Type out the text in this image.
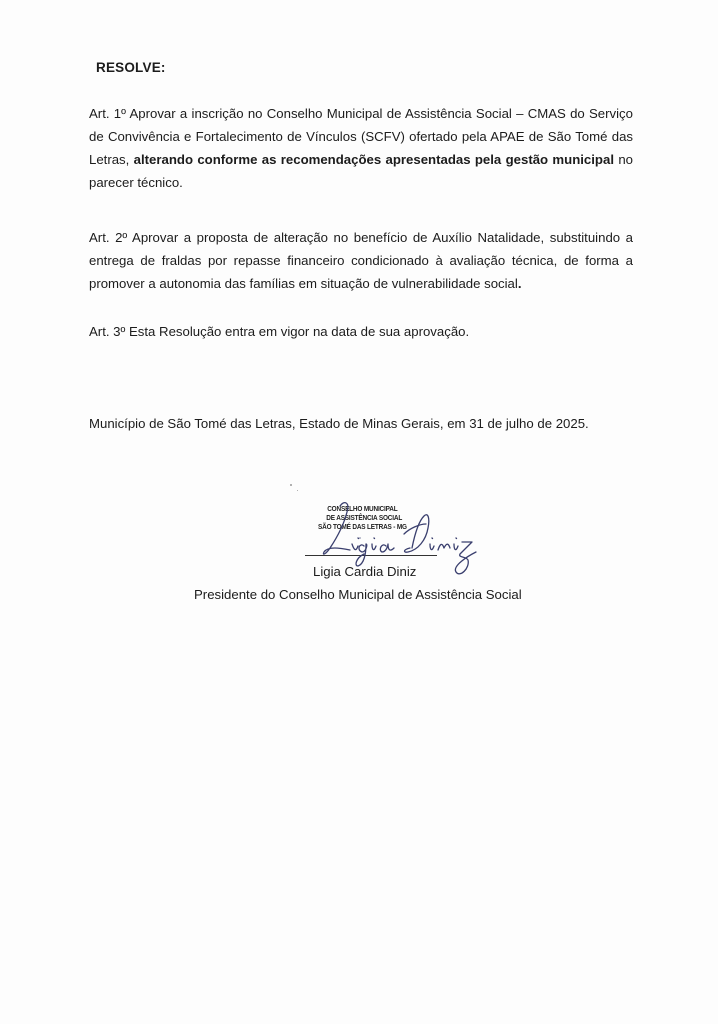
RESOLVE:

Art. 1º Aprovar a inscrição no Conselho Municipal de Assistência Social – CMAS do Serviço de Convivência e Fortalecimento de Vínculos (SCFV) ofertado pela APAE de São Tomé das Letras, alterando conforme as recomendações apresentadas pela gestão municipal no parecer técnico.

Art. 2º Aprovar a proposta de alteração no benefício de Auxílio Natalidade, substituindo a entrega de fraldas por repasse financeiro condicionado à avaliação técnica, de forma a promover a autonomia das famílias em situação de vulnerabilidade social.

Art. 3º Esta Resolução entra em vigor na data de sua aprovação.

Município de São Tomé das Letras, Estado de Minas Gerais, em 31 de julho de 2025.

CONSELHO MUNICIPAL
DE ASSISTÊNCIA SOCIAL
SÃO TOMÉ DAS LETRAS - MG
Ligia Cardia Diniz
Presidente do Conselho Municipal de Assistência Social
